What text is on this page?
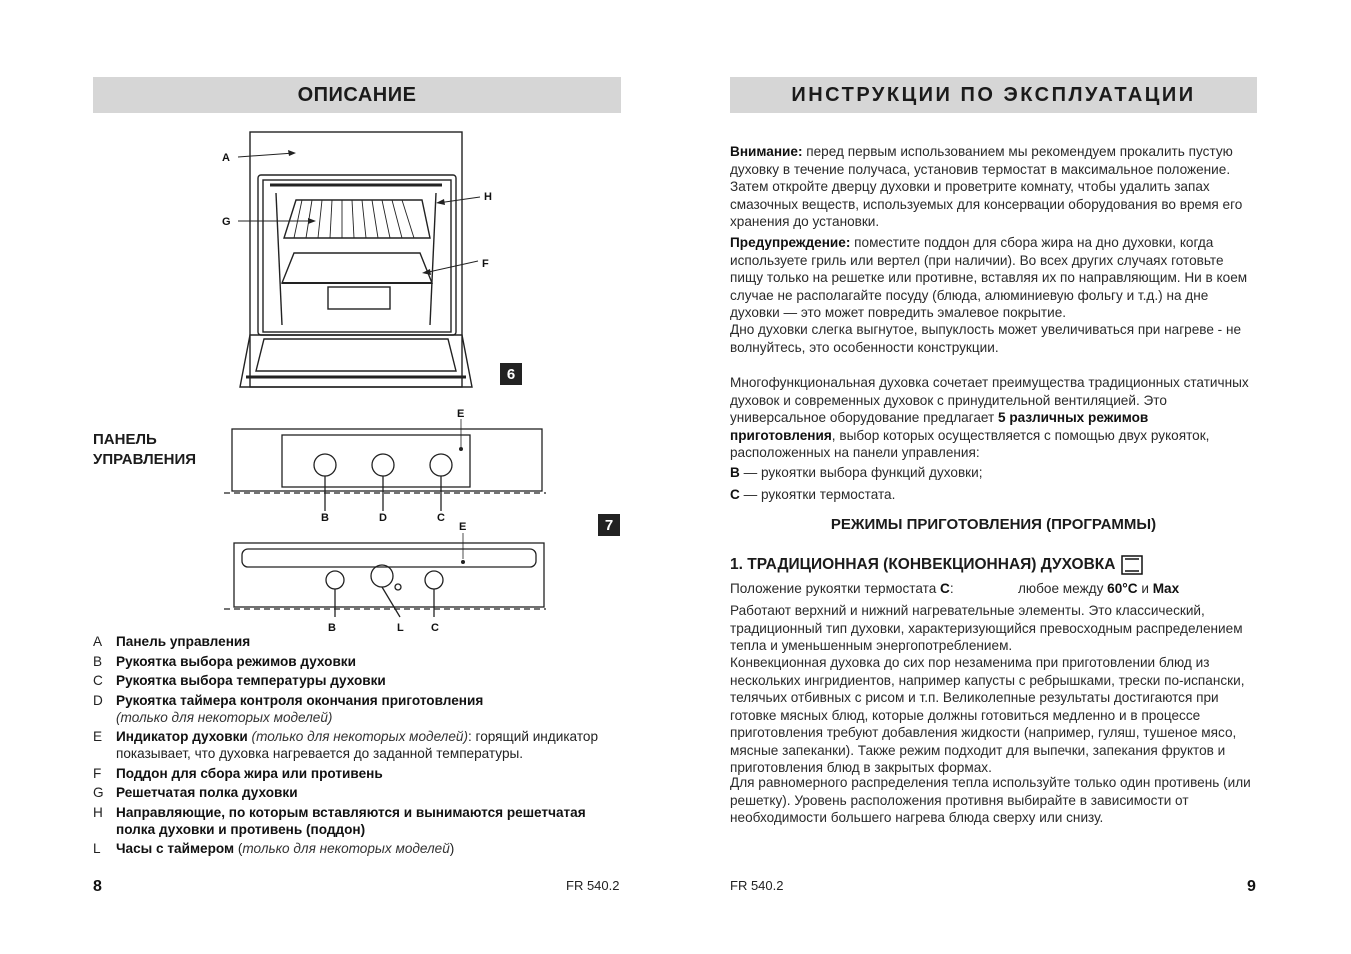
ОПИСАНИЕ
A
G
H
F
6
ПАНЕЛЬ
УПРАВЛЕНИЯ
E
B	D	C
E
B	L C
7
A	Панель управления
B	Рукоятка выбора режимов духовки
C Рукоятка выбора температуры духовки
D Рукоятка таймера контроля окончания приготовления
(только для некоторых моделей)
E	Индикатор духовки (только для некоторых моделей): горящий индикатор показывает, что духовка нагревается до заданной температуры.
F	Поддон для сбора жира или противень
G Решетчатая полка духовки
H Направляющие, по которым вставляются и вынимаются решетчатая полка духовки и противень (поддон)
L	Часы с таймером (только для некоторых моделей)
8	FR 540.2
ИНСТРУКЦИИ ПО ЭКСПЛУАТАЦИИ
Внимание: перед первым использованием мы рекомендуем прокалить пустую духовку в течение получаса, установив термостат в максимальное положение. Затем откройте дверцу духовки и проветрите комнату, чтобы удалить запах смазочных веществ, используемых для консервации оборудования во время его хранения до установки.
Предупреждение: поместите поддон для сбора жира на дно духовки, когда используете гриль или вертел (при наличии). Во всех других случаях готовьте пищу только на решетке или противне, вставляя их по направляющим. Ни в коем случае не располагайте посуду (блюда, алюминиевую фольгу и т.д.) на дне духовки — это может повредить эмалевое покрытие.
Дно духовки слегка выгнутое, выпуклость может увеличиваться при нагреве - не волнуйтесь, это особенности конструкции.
Многофункциональная духовка сочетает преимущества традиционных статичных духовок и современных духовок с принудительной вентиляцией. Это универсальное оборудование предлагает 5 различных режимов приготовления, выбор которых осуществляется с помощью двух рукояток, расположенных на панели управления:
B — рукоятки выбора функций духовки;
C — рукоятки термостата.
РЕЖИМЫ ПРИГОТОВЛЕНИЯ (ПРОГРАММЫ)
1. ТРАДИЦИОННАЯ (КОНВЕКЦИОННАЯ) ДУХОВКА
Положение рукоятки термостата C:	любое между 60°C и Max
Работают верхний и нижний нагревательные элементы. Это классический, традиционный тип духовки, характеризующийся превосходным распределением тепла и уменьшенным энергопотреблением.
Конвекционная духовка до сих пор незаменима при приготовлении блюд из нескольких ингридиентов, например капусты с ребрышками, трески по-испански, телячьих отбивных с рисом и т.п. Великолепные результаты достигаются при готовке мясных блюд, которые должны готовиться медленно и в процессе приготовления требуют добавления жидкости (например, гуляш, тушеное мясо, мясные запеканки). Также режим подходит для выпечки, запекания фруктов и приготовления блюд в закрытых формах.
Для равномерного распределения тепла используйте только один противень (или решетку). Уровень расположения противня выбирайте в зависимости от необходимости большего нагрева блюда сверху или снизу.
FR 540.2	9
